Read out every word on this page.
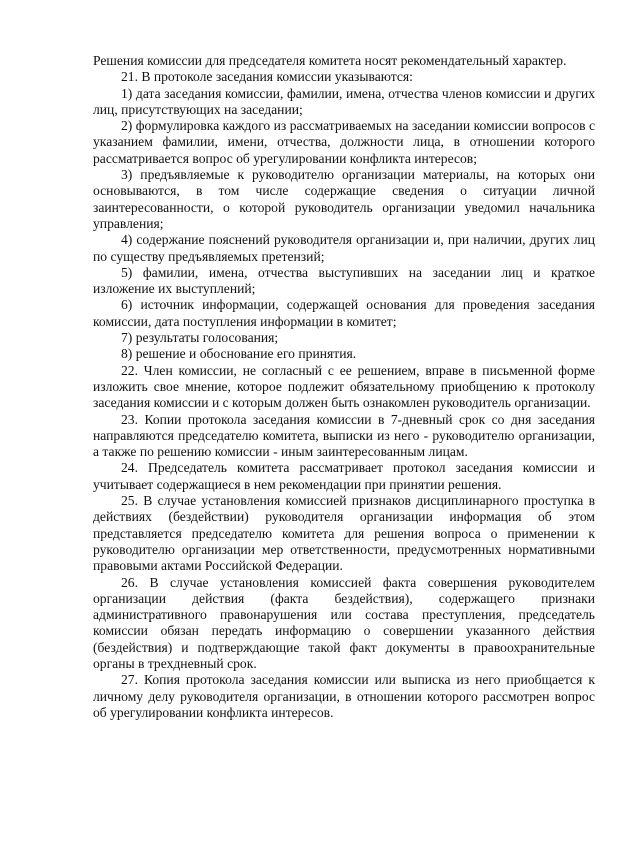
Решения комиссии для председателя комитета носят рекомендательный характер.

21. В протоколе заседания комиссии указываются:

1) дата заседания комиссии, фамилии, имена, отчества членов комиссии и других лиц, присутствующих на заседании;

2) формулировка каждого из рассматриваемых на заседании комиссии вопросов с указанием фамилии, имени, отчества, должности лица, в отношении которого рассматривается вопрос об урегулировании конфликта интересов;

3) предъявляемые к руководителю организации материалы, на которых они основываются, в том числе содержащие сведения о ситуации личной заинтересованности, о которой руководитель организации уведомил начальника управления;

4) содержание пояснений руководителя организации и, при наличии, других лиц по существу предъявляемых претензий;

5) фамилии, имена, отчества выступивших на заседании лиц и краткое изложение их выступлений;

6) источник информации, содержащей основания для проведения заседания комиссии, дата поступления информации в комитет;

7) результаты голосования;

8) решение и обоснование его принятия.

22. Член комиссии, не согласный с ее решением, вправе в письменной форме изложить свое мнение, которое подлежит обязательному приобщению к протоколу заседания комиссии и с которым должен быть ознакомлен руководитель организации.

23. Копии протокола заседания комиссии в 7-дневный срок со дня заседания направляются председателю комитета, выписки из него - руководителю организации, а также по решению комиссии - иным заинтересованным лицам.

24. Председатель комитета рассматривает протокол заседания комиссии и учитывает содержащиеся в нем рекомендации при принятии решения.

25. В случае установления комиссией признаков дисциплинарного проступка в действиях (бездействии) руководителя организации информация об этом представляется председателю комитета для решения вопроса о применении к руководителю организации мер ответственности, предусмотренных нормативными правовыми актами Российской Федерации.

26. В случае установления комиссией факта совершения руководителем организации действия (факта бездействия), содержащего признаки административного правонарушения или состава преступления, председатель комиссии обязан передать информацию о совершении указанного действия (бездействия) и подтверждающие такой факт документы в правоохранительные органы в трехдневный срок.

27. Копия протокола заседания комиссии или выписка из него приобщается к личному делу руководителя организации, в отношении которого рассмотрен вопрос об урегулировании конфликта интересов.
